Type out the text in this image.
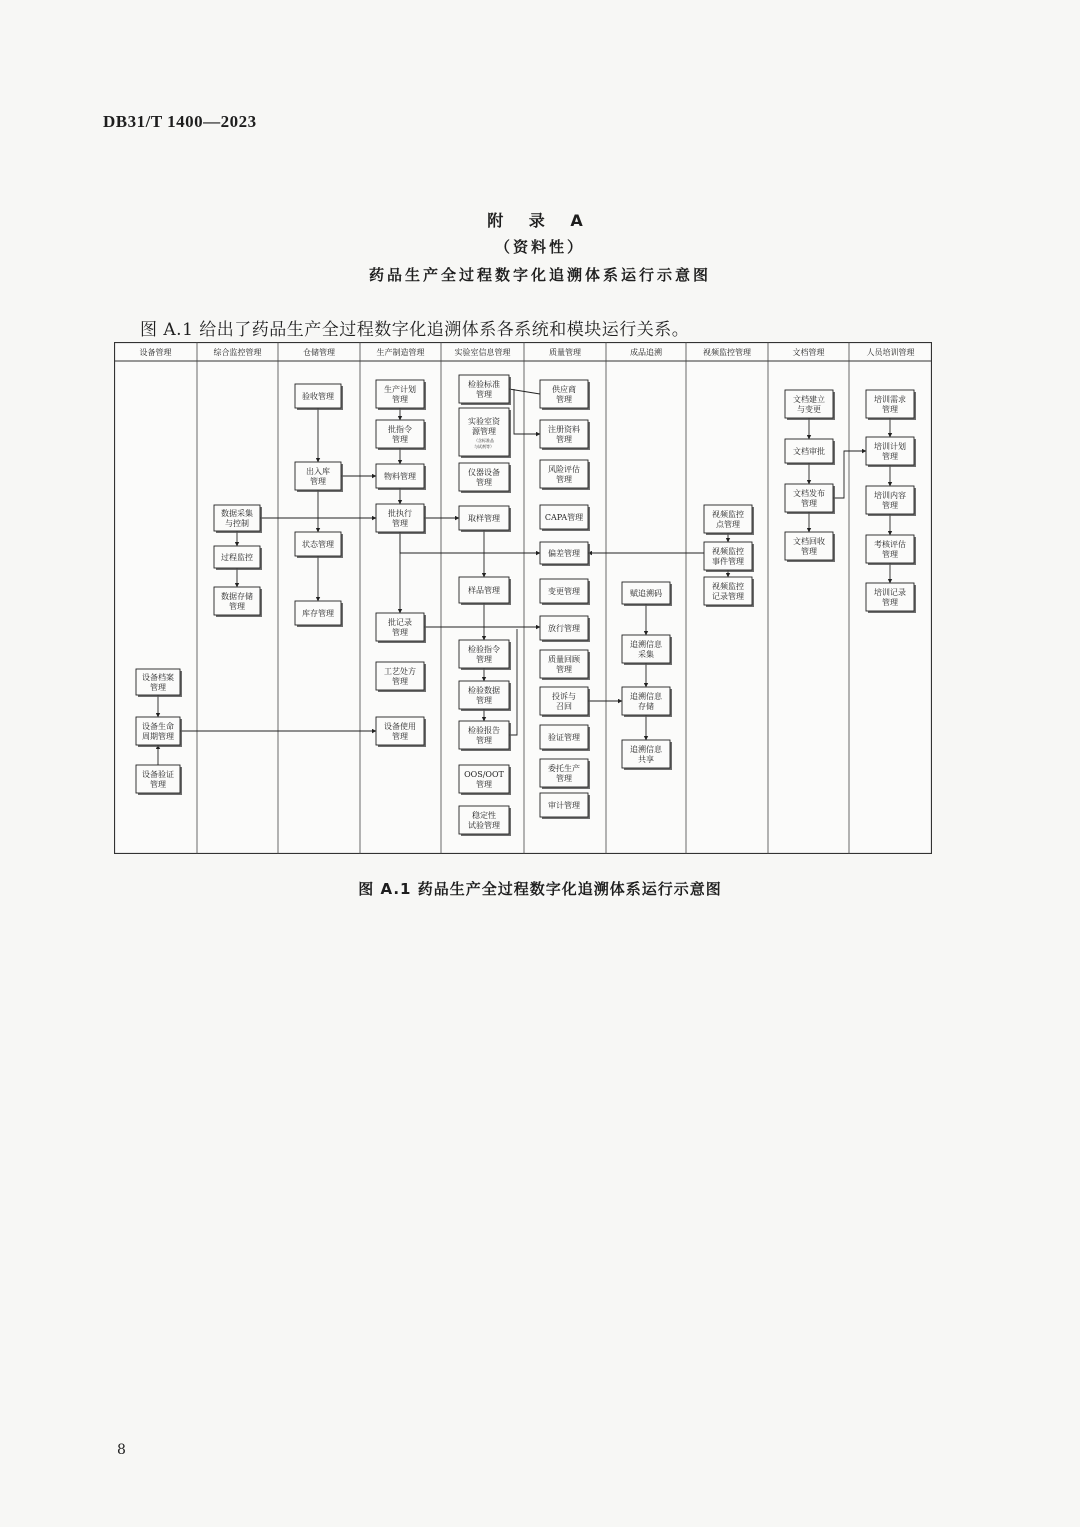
DB31/T 1400—2023
附 录 A
（资料性）
药品生产全过程数字化追溯体系运行示意图
图 A.1 给出了药品生产全过程数字化追溯体系各系统和模块运行关系。
设备管理	综合监控管理	仓储管理	生产制造管理	实验室信息管理	质量管理	成品追溯	视频监控管理	文档管理	人员培训管理
设备档案
管理
设备生命
周期管理
设备验证
管理
数据采集
与控制
过程监控
数据存储
管理
验收管理
出入库
管理
状态管理
库存管理
生产计划
管理
批指令
管理
物料管理
批执行
管理
批记录
管理
工艺处方
管理
设备使用
管理
检验标准
管理
实验室资
源管理
（含标准品
与试剂等）
仪器设备
管理
取样管理
样品管理
检验指令
管理
检验数据
管理
检验报告
管理
OOS/OOT
管理
稳定性
试验管理
供应商
管理
注册资料
管理
风险评估
管理
CAPA管理
偏差管理
变更管理
放行管理
质量回顾
管理
投诉与
召回
验证管理
委托生产
管理
审计管理
赋追溯码
追溯信息
采集
追溯信息
存储
追溯信息
共享
视频监控
点管理
视频监控
事件管理
视频监控
记录管理
文档建立
与变更
文档审批
文档发布
管理
文档回收
管理
培训需求
管理
培训计划
管理
培训内容
管理
考核评估
管理
培训记录
管理
图 A.1 药品生产全过程数字化追溯体系运行示意图
8
